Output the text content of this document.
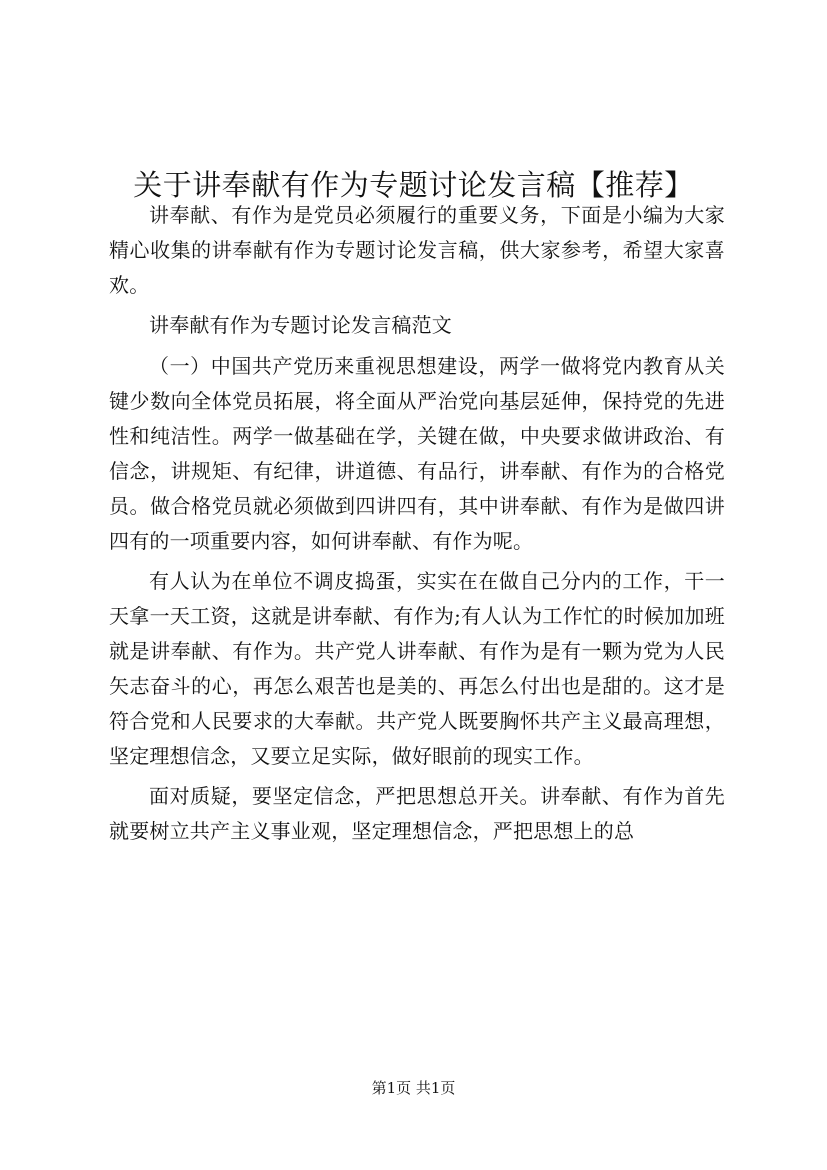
关于讲奉献有作为专题讨论发言稿【推荐】

讲奉献、有作为是党员必须履行的重要义务，下面是小编为大家精心收集的讲奉献有作为专题讨论发言稿，供大家参考，希望大家喜欢。

讲奉献有作为专题讨论发言稿范文

（一）中国共产党历来重视思想建设，两学一做将党内教育从关键少数向全体党员拓展，将全面从严治党向基层延伸，保持党的先进性和纯洁性。两学一做基础在学，关键在做，中央要求做讲政治、有信念，讲规矩、有纪律，讲道德、有品行，讲奉献、有作为的合格党员。做合格党员就必须做到四讲四有，其中讲奉献、有作为是做四讲四有的一项重要内容，如何讲奉献、有作为呢。

有人认为在单位不调皮捣蛋，实实在在做自己分内的工作，干一天拿一天工资，这就是讲奉献、有作为;有人认为工作忙的时候加加班就是讲奉献、有作为。共产党人讲奉献、有作为是有一颗为党为人民矢志奋斗的心，再怎么艰苦也是美的、再怎么付出也是甜的。这才是符合党和人民要求的大奉献。共产党人既要胸怀共产主义最高理想，坚定理想信念，又要立足实际，做好眼前的现实工作。

面对质疑，要坚定信念，严把思想总开关。讲奉献、有作为首先就要树立共产主义事业观，坚定理想信念，严把思想上的总

第1页 共1页
